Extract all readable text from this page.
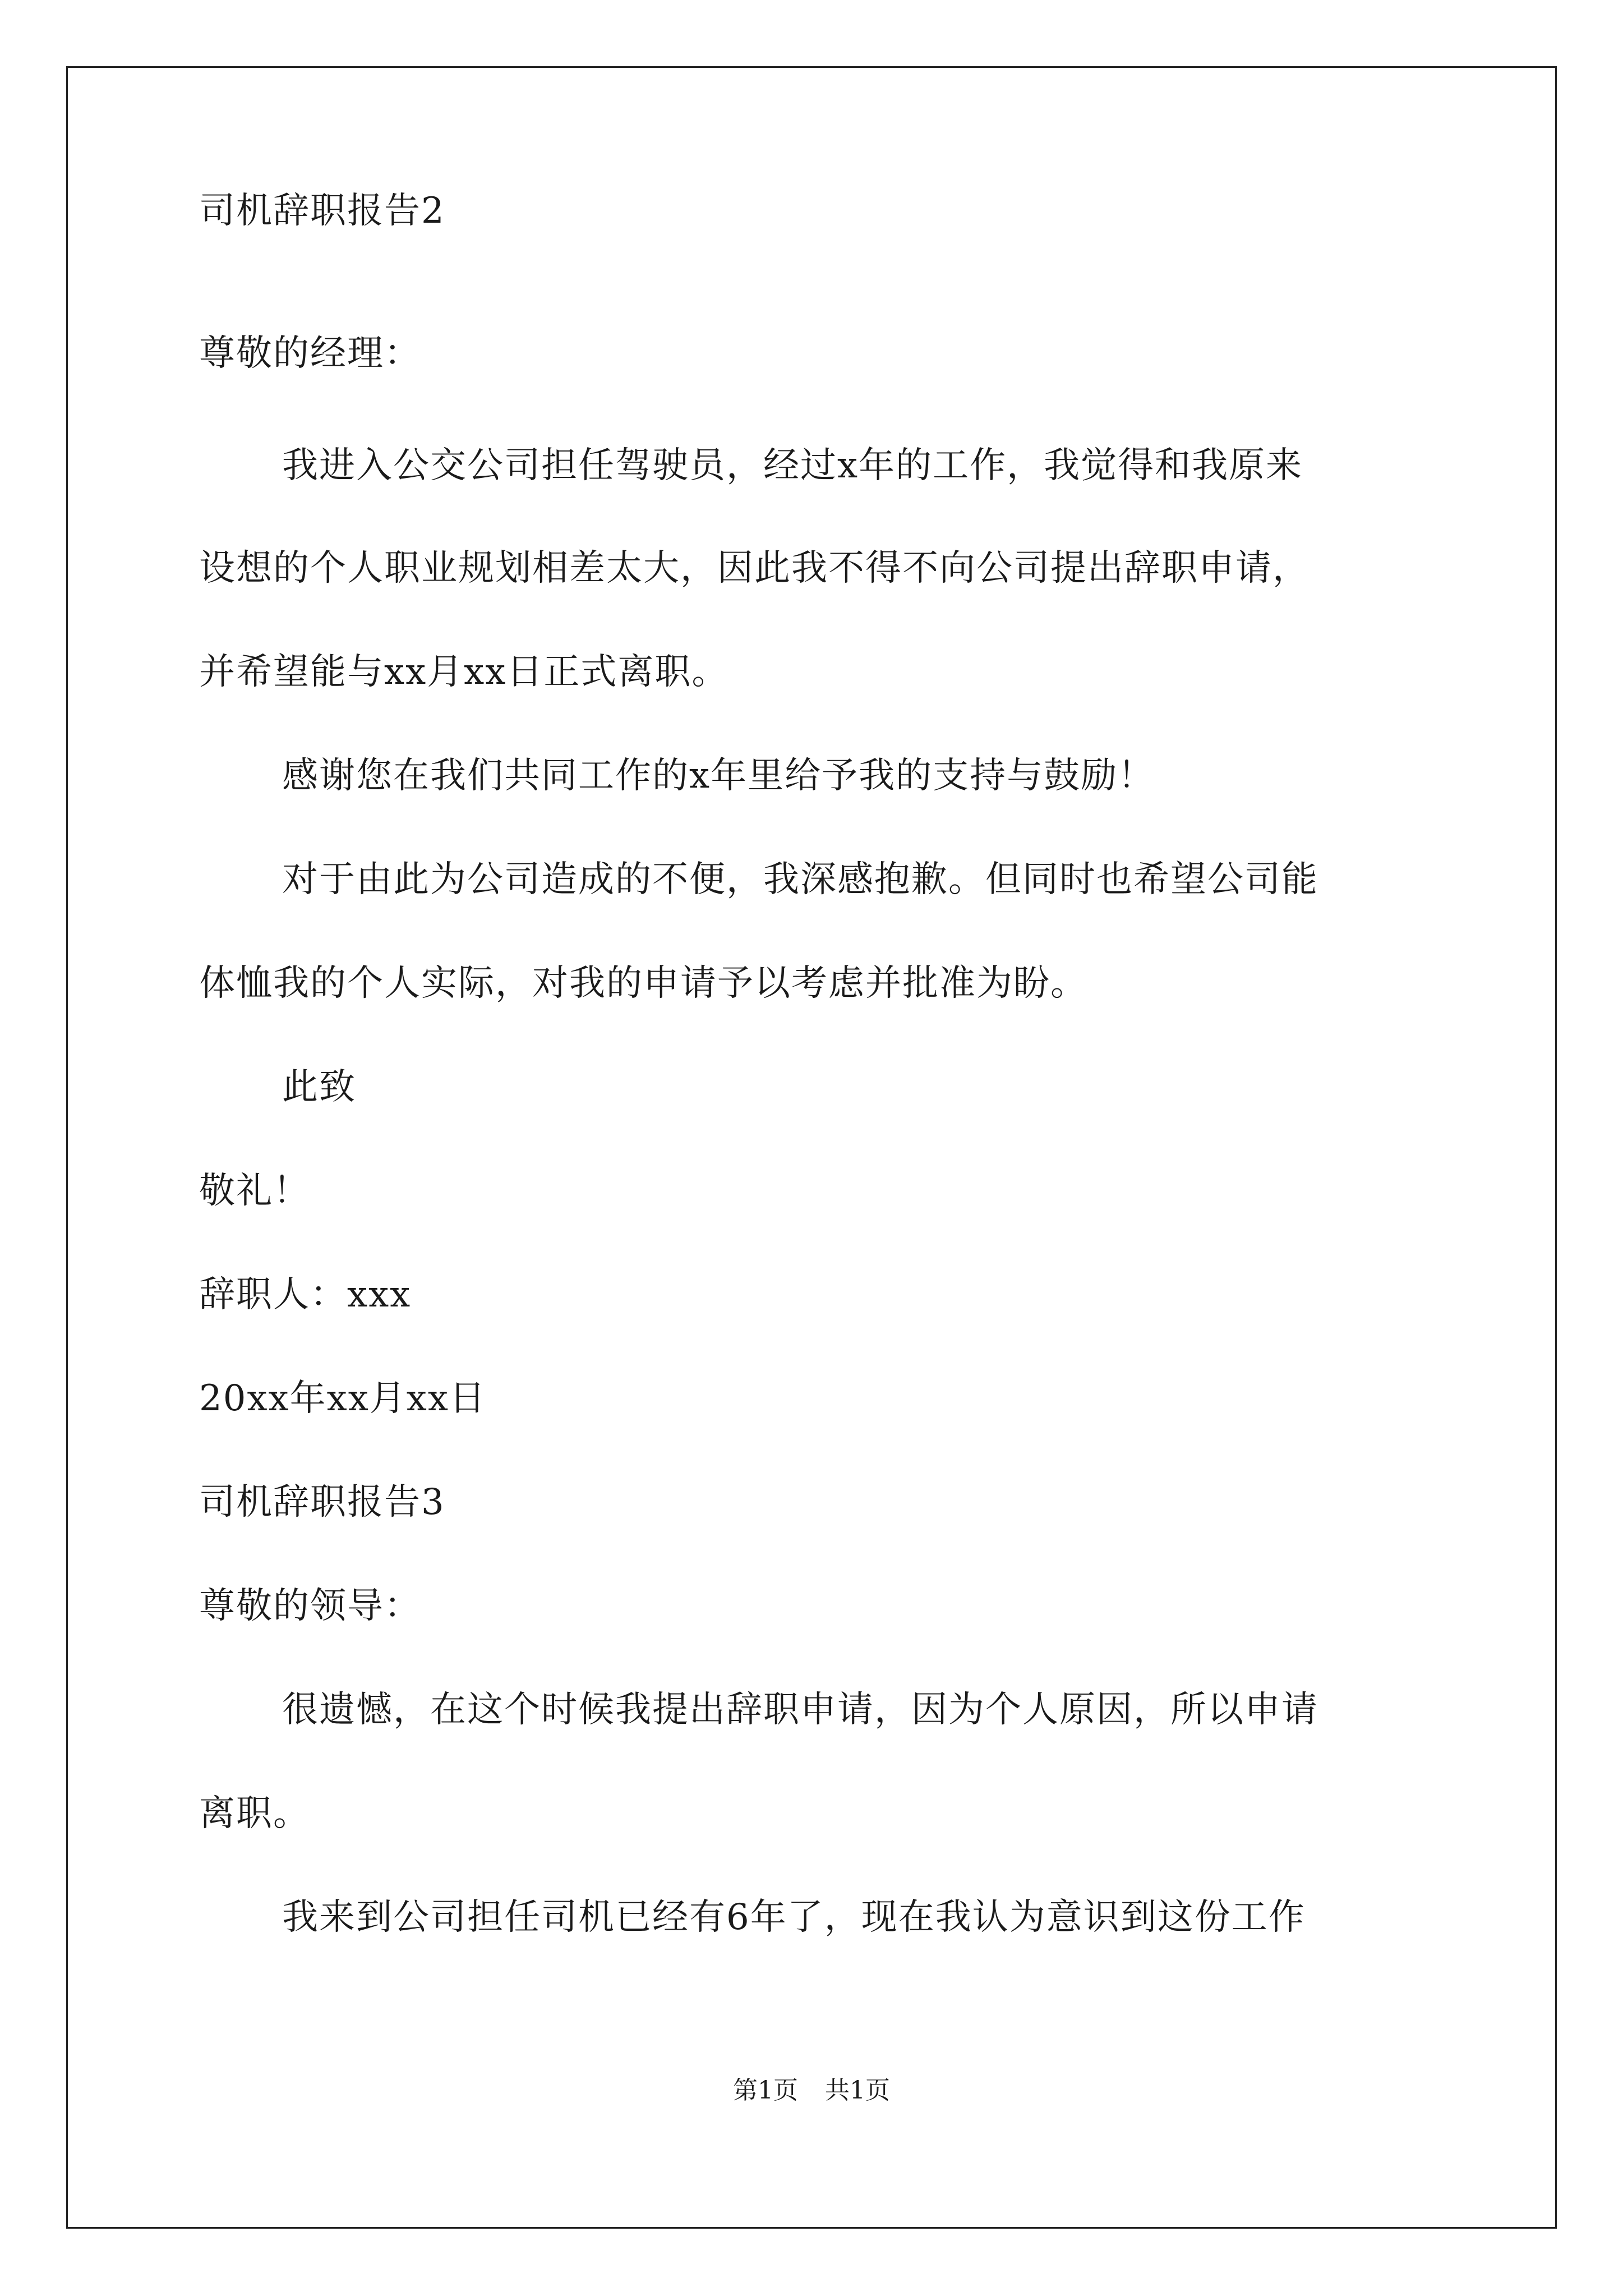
司机辞职报告2
尊敬的经理：
我进入公交公司担任驾驶员，经过x年的工作，我觉得和我原来
设想的个人职业规划相差太大，因此我不得不向公司提出辞职申请，
并希望能与xx月xx日正式离职。
感谢您在我们共同工作的x年里给予我的支持与鼓励！
对于由此为公司造成的不便，我深感抱歉。但同时也希望公司能
体恤我的个人实际，对我的申请予以考虑并批准为盼。
此致
敬礼！
辞职人：xxx
20xx年xx月xx日
司机辞职报告3
尊敬的领导：
很遗憾，在这个时候我提出辞职申请，因为个人原因，所以申请
离职。
我来到公司担任司机已经有6年了，现在我认为意识到这份工作
第1页 共1页
